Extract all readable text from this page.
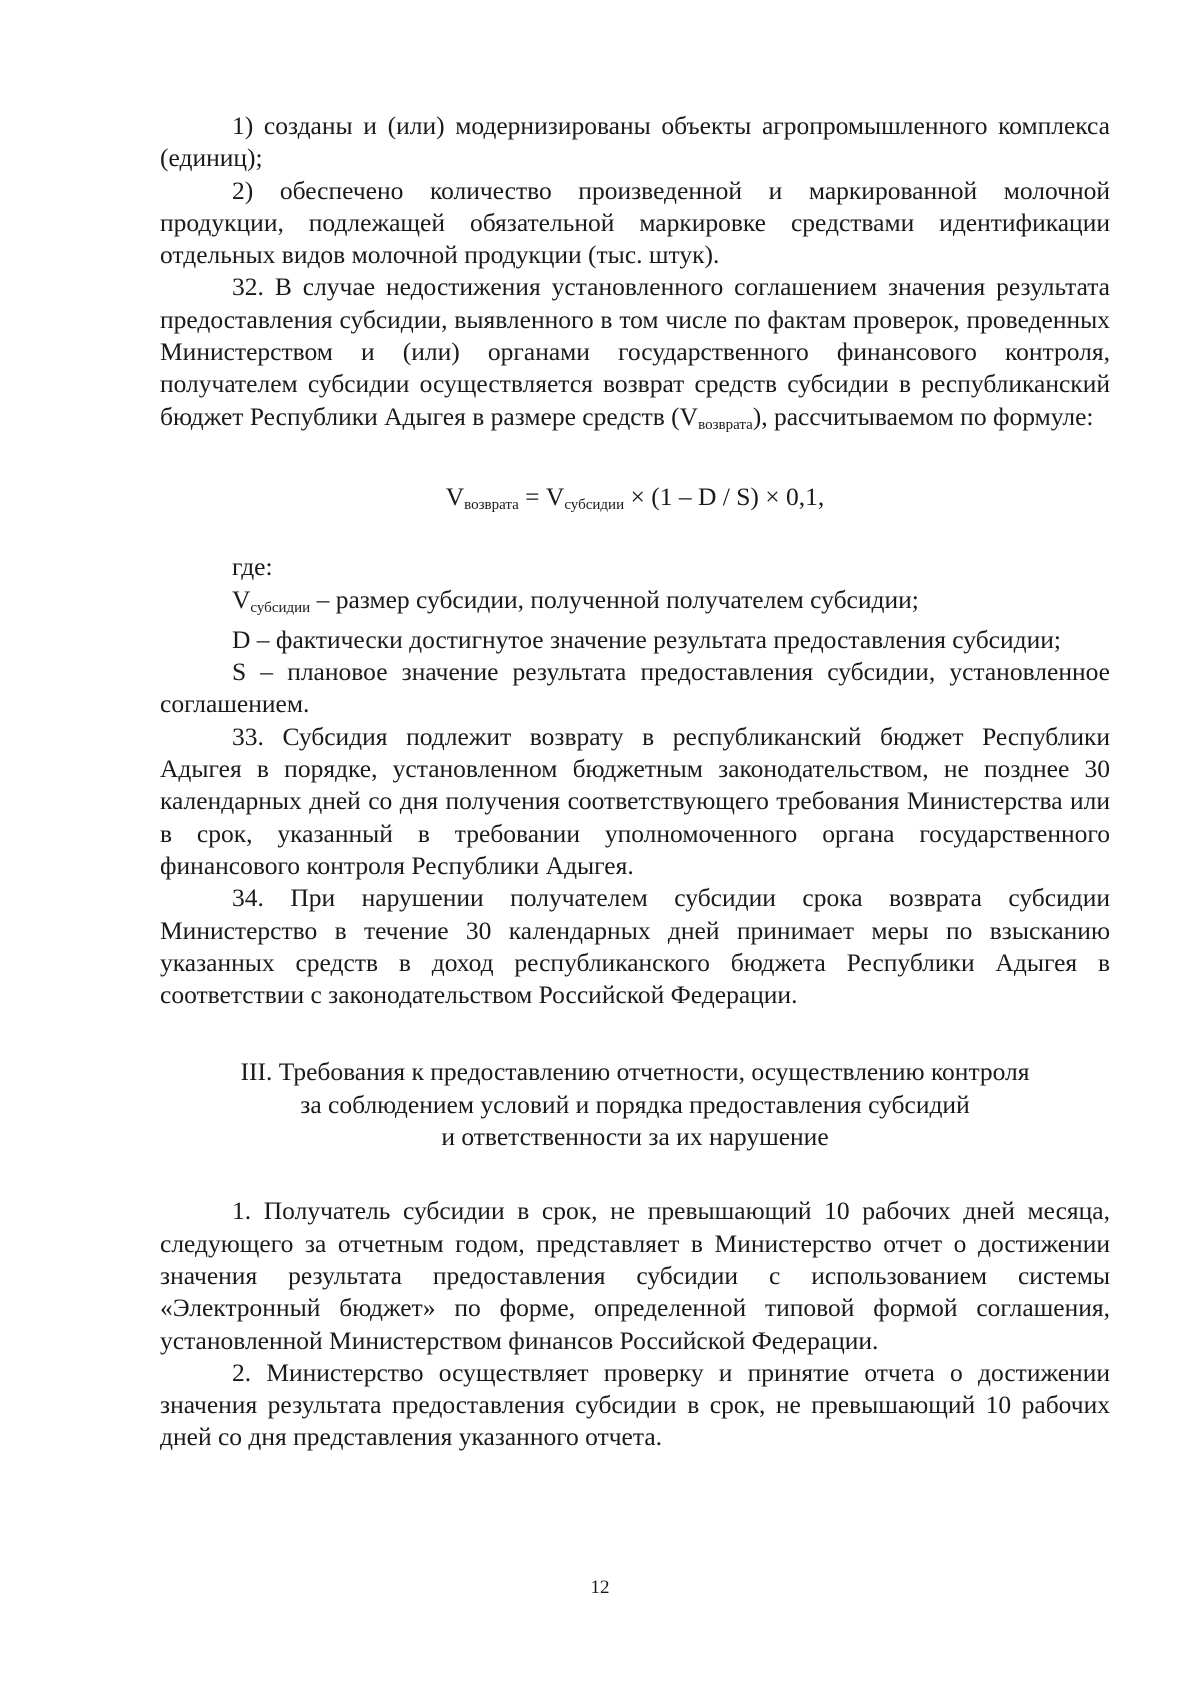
1) созданы и (или) модернизированы объекты агропромышленного комплекса (единиц);

2) обеспечено количество произведенной и маркированной молочной продукции, подлежащей обязательной маркировке средствами идентификации отдельных видов молочной продукции (тыс. штук).

32. В случае недостижения установленного соглашением значения результата предоставления субсидии, выявленного в том числе по фактам проверок, проведенных Министерством и (или) органами государственного финансового контроля, получателем субсидии осуществляется возврат средств субсидии в республиканский бюджет Республики Адыгея в размере средств $(V_{возврата})$, рассчитываемом по формуле:

$V_{возврата} = V_{субсидии} \times (1 - D / S) \times 0,1$,

где:

$V_{субсидии}$ – размер субсидии, полученной получателем субсидии;

D – фактически достигнутое значение результата предоставления субсидии;

S – плановое значение результата предоставления субсидии, установленное соглашением.

33. Субсидия подлежит возврату в республиканский бюджет Республики Адыгея в порядке, установленном бюджетным законодательством, не позднее 30 календарных дней со дня получения соответствующего требования Министерства или в срок, указанный в требовании уполномоченного органа государственного финансового контроля Республики Адыгея.

34. При нарушении получателем субсидии срока возврата субсидии Министерство в течение 30 календарных дней принимает меры по взысканию указанных средств в доход республиканского бюджета Республики Адыгея в соответствии с законодательством Российской Федерации.

III. Требования к предоставлению отчетности, осуществлению контроля
за соблюдением условий и порядка предоставления субсидий
и ответственности за их нарушение

1. Получатель субсидии в срок, не превышающий 10 рабочих дней месяца, следующего за отчетным годом, представляет в Министерство отчет о достижении значения результата предоставления субсидии с использованием системы «Электронный бюджет» по форме, определенной типовой формой соглашения, установленной Министерством финансов Российской Федерации.

2. Министерство осуществляет проверку и принятие отчета о достижении значения результата предоставления субсидии в срок, не превышающий 10 рабочих дней со дня представления указанного отчета.

12
